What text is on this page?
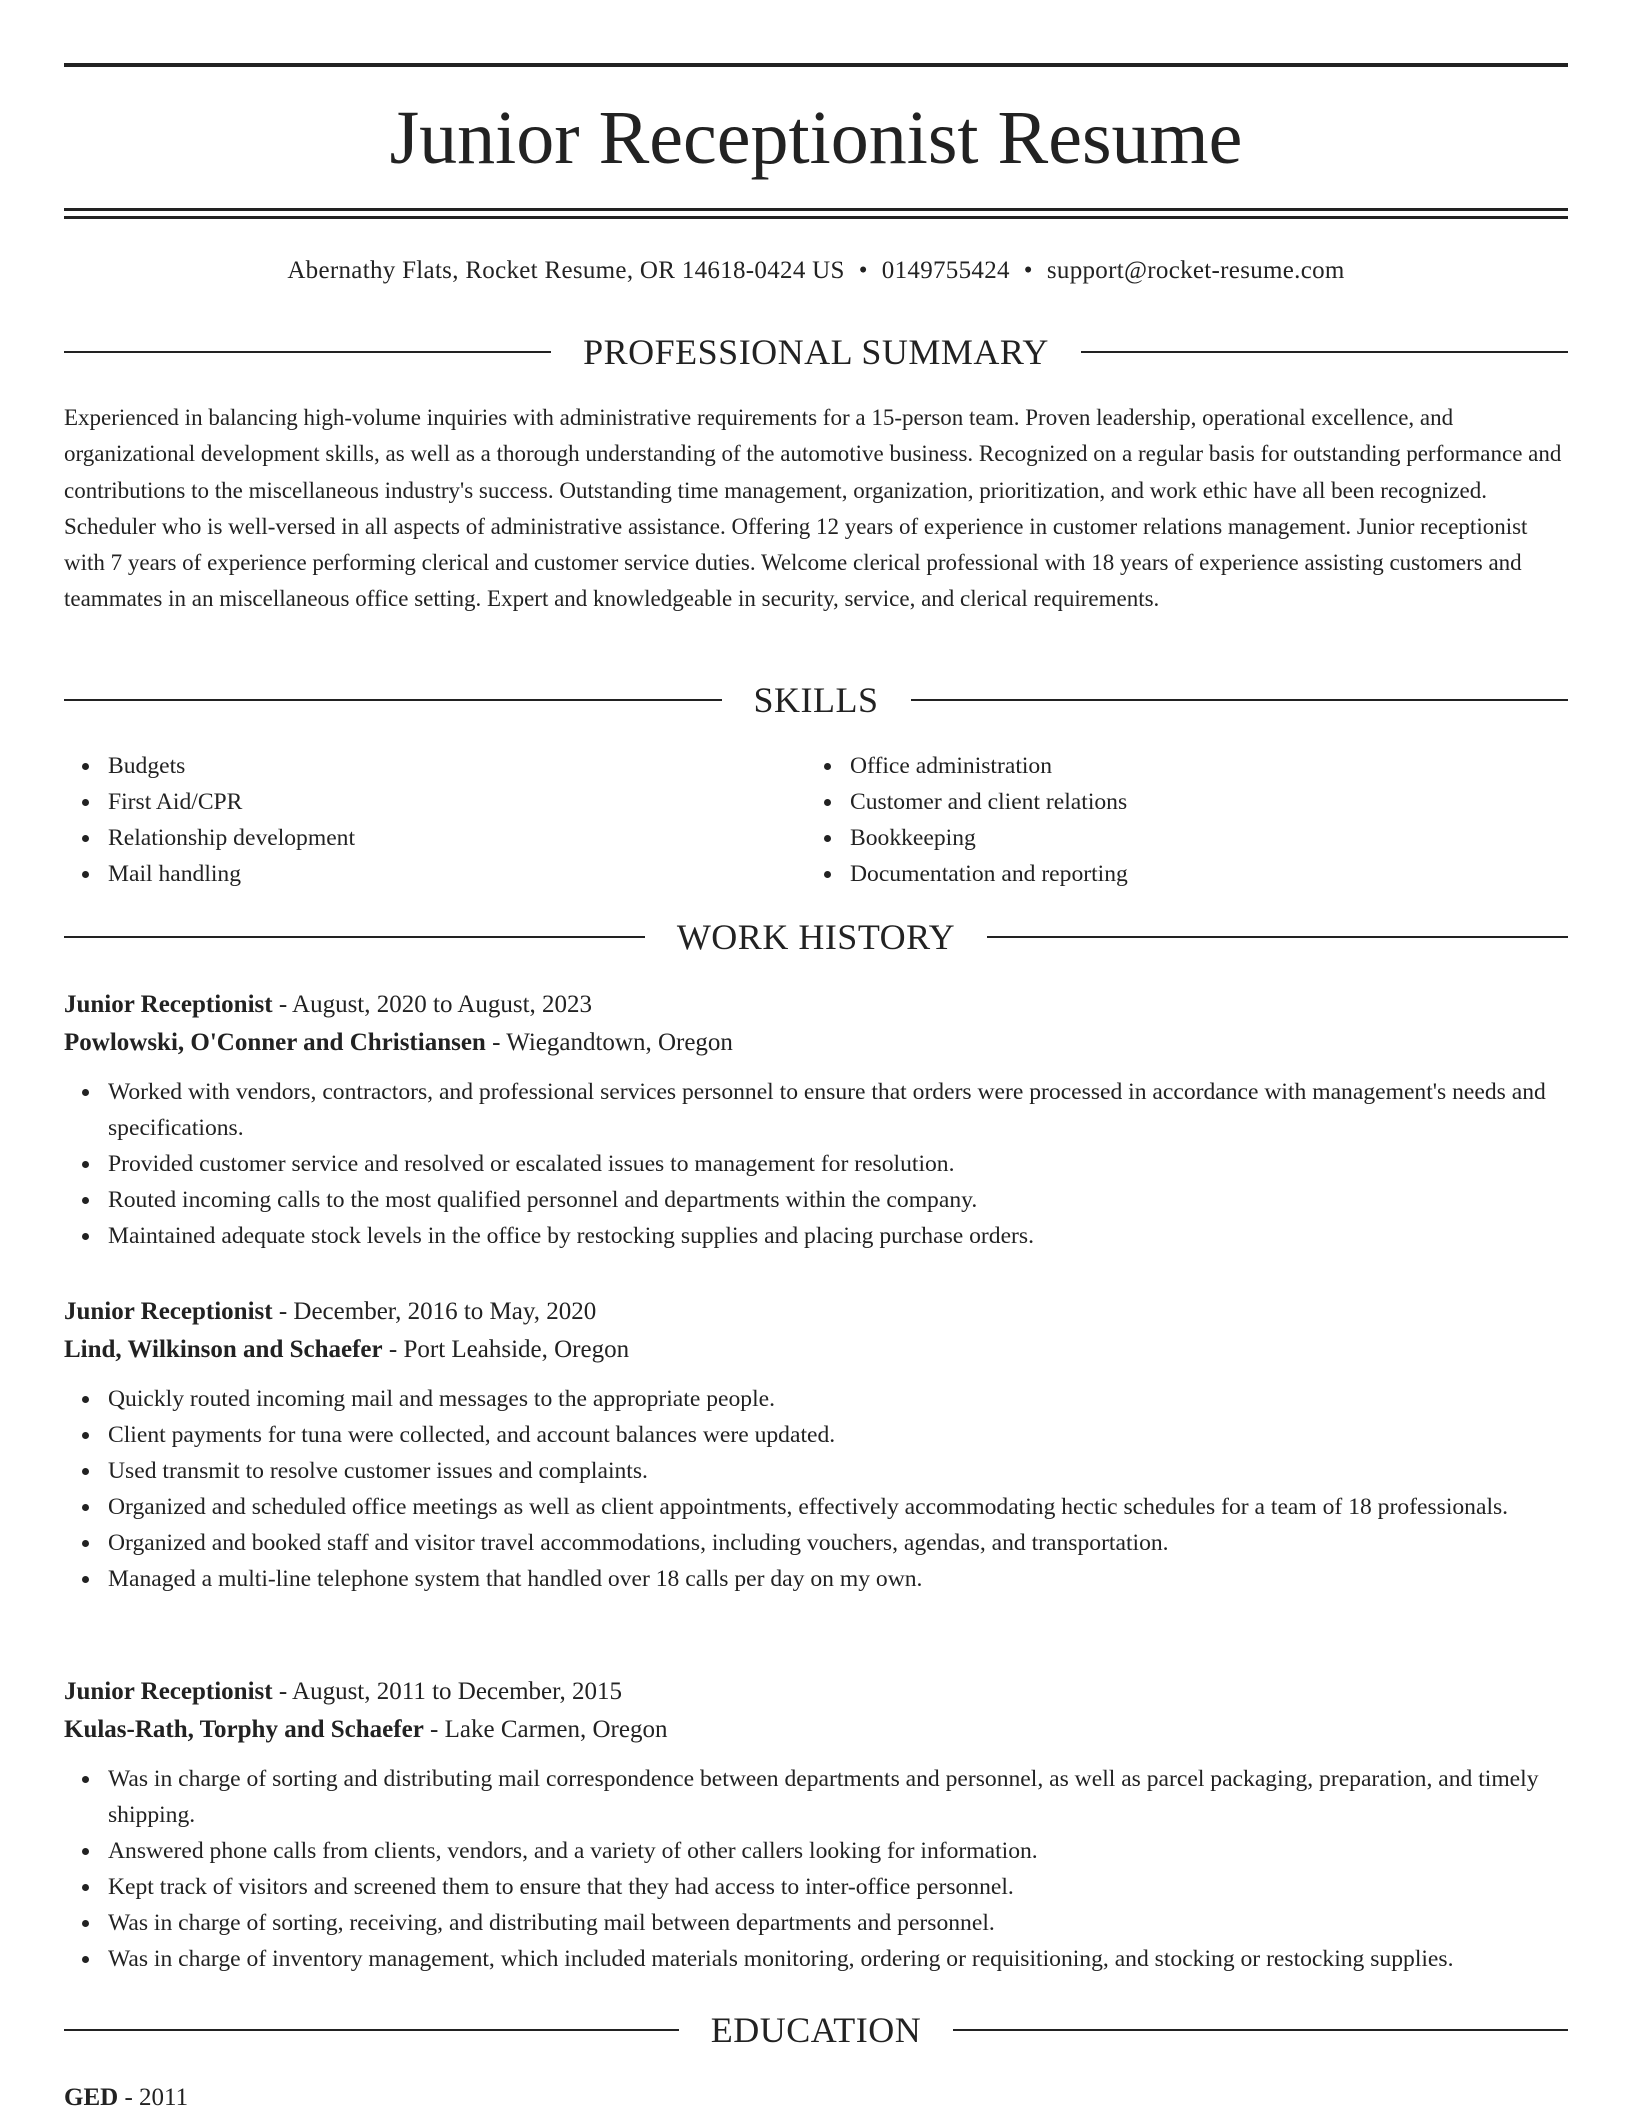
Junior Receptionist Resume
Abernathy Flats, Rocket Resume, OR 14618-0424 US • 0149755424 • support@rocket-resume.com
PROFESSIONAL SUMMARY

Experienced in balancing high-volume inquiries with administrative requirements for a 15-person team. Proven leadership, operational excellence, and organizational development skills, as well as a thorough understanding of the automotive business. Recognized on a regular basis for outstanding performance and contributions to the miscellaneous industry's success. Outstanding time management, organization, prioritization, and work ethic have all been recognized. Scheduler who is well-versed in all aspects of administrative assistance. Offering 12 years of experience in customer relations management. Junior receptionist with 7 years of experience performing clerical and customer service duties. Welcome clerical professional with 18 years of experience assisting customers and teammates in an miscellaneous office setting. Expert and knowledgeable in security, service, and clerical requirements.

SKILLS
Budgets
First Aid/CPR
Relationship development
Mail handling
Office administration
Customer and client relations
Bookkeeping
Documentation and reporting
WORK HISTORY
Junior Receptionist - August, 2020 to August, 2023
Powlowski, O'Conner and Christiansen - Wiegandtown, Oregon
Worked with vendors, contractors, and professional services personnel to ensure that orders were processed in accordance with management's needs and specifications.
Provided customer service and resolved or escalated issues to management for resolution.
Routed incoming calls to the most qualified personnel and departments within the company.
Maintained adequate stock levels in the office by restocking supplies and placing purchase orders.
Junior Receptionist - December, 2016 to May, 2020
Lind, Wilkinson and Schaefer - Port Leahside, Oregon
Quickly routed incoming mail and messages to the appropriate people.
Client payments for tuna were collected, and account balances were updated.
Used transmit to resolve customer issues and complaints.
Organized and scheduled office meetings as well as client appointments, effectively accommodating hectic schedules for a team of 18 professionals.
Organized and booked staff and visitor travel accommodations, including vouchers, agendas, and transportation.
Managed a multi-line telephone system that handled over 18 calls per day on my own.
Junior Receptionist - August, 2011 to December, 2015
Kulas-Rath, Torphy and Schaefer - Lake Carmen, Oregon
Was in charge of sorting and distributing mail correspondence between departments and personnel, as well as parcel packaging, preparation, and timely shipping.
Answered phone calls from clients, vendors, and a variety of other callers looking for information.
Kept track of visitors and screened them to ensure that they had access to inter-office personnel.
Was in charge of sorting, receiving, and distributing mail between departments and personnel.
Was in charge of inventory management, which included materials monitoring, ordering or requisitioning, and stocking or restocking supplies.
EDUCATION
GED - 2011
